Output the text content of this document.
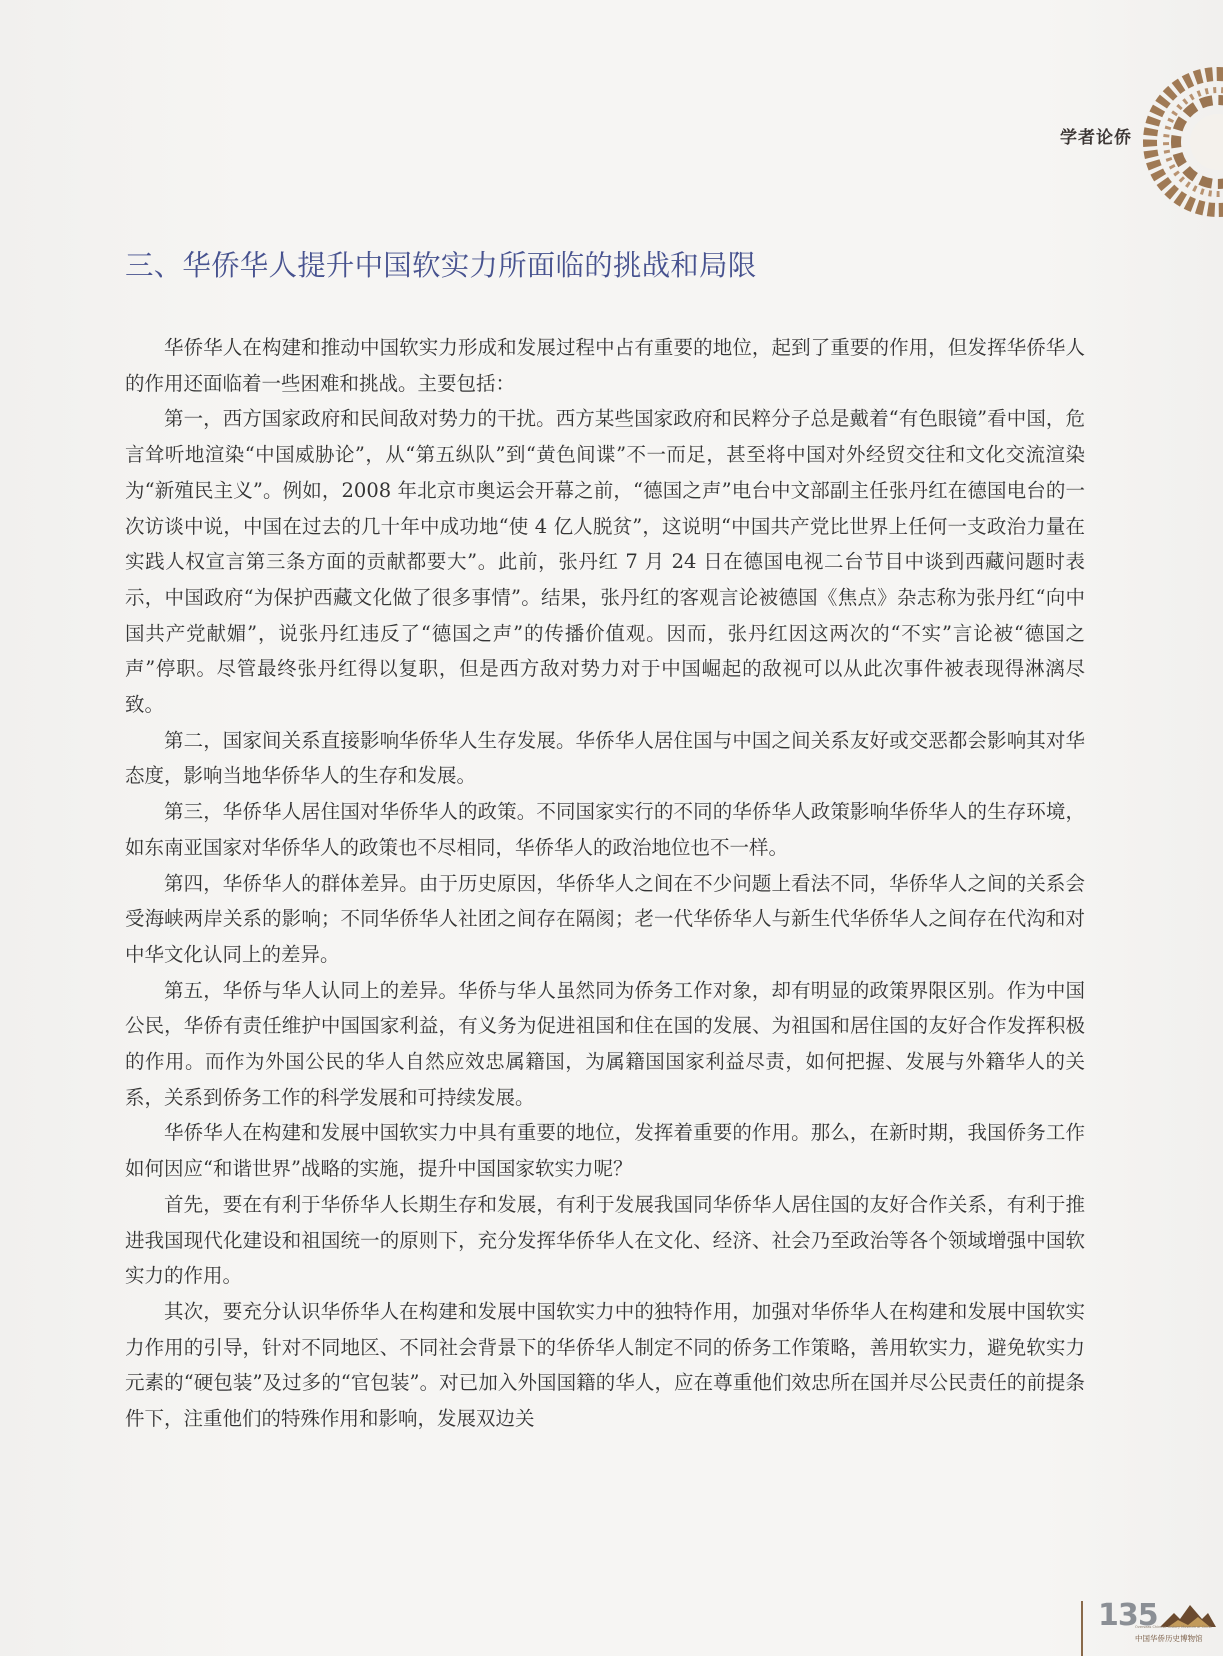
学者论侨
三、华侨华人提升中国软实力所面临的挑战和局限

华侨华人在构建和推动中国软实力形成和发展过程中占有重要的地位，起到了重要的作用，但发挥华侨华人的作用还面临着一些困难和挑战。主要包括：

第一，西方国家政府和民间敌对势力的干扰。西方某些国家政府和民粹分子总是戴着“有色眼镜”看中国，危言耸听地渲染“中国威胁论”，从“第五纵队”到“黄色间谍”不一而足，甚至将中国对外经贸交往和文化交流渲染为“新殖民主义”。例如，2008 年北京市奥运会开幕之前，“德国之声”电台中文部副主任张丹红在德国电台的一次访谈中说，中国在过去的几十年中成功地“使 4 亿人脱贫”，这说明“中国共产党比世界上任何一支政治力量在实践人权宣言第三条方面的贡献都要大”。此前，张丹红 7 月 24 日在德国电视二台节目中谈到西藏问题时表示，中国政府“为保护西藏文化做了很多事情”。结果，张丹红的客观言论被德国《焦点》杂志称为张丹红“向中国共产党献媚”，说张丹红违反了“德国之声”的传播价值观。因而，张丹红因这两次的“不实”言论被“德国之声”停职。尽管最终张丹红得以复职，但是西方敌对势力对于中国崛起的敌视可以从此次事件被表现得淋漓尽致。

第二，国家间关系直接影响华侨华人生存发展。华侨华人居住国与中国之间关系友好或交恶都会影响其对华态度，影响当地华侨华人的生存和发展。

第三，华侨华人居住国对华侨华人的政策。不同国家实行的不同的华侨华人政策影响华侨华人的生存环境，如东南亚国家对华侨华人的政策也不尽相同，华侨华人的政治地位也不一样。

第四，华侨华人的群体差异。由于历史原因，华侨华人之间在不少问题上看法不同，华侨华人之间的关系会受海峡两岸关系的影响；不同华侨华人社团之间存在隔阂；老一代华侨华人与新生代华侨华人之间存在代沟和对中华文化认同上的差异。

第五，华侨与华人认同上的差异。华侨与华人虽然同为侨务工作对象，却有明显的政策界限区别。作为中国公民，华侨有责任维护中国国家利益，有义务为促进祖国和住在国的发展、为祖国和居住国的友好合作发挥积极的作用。而作为外国公民的华人自然应效忠属籍国，为属籍国国家利益尽责，如何把握、发展与外籍华人的关系，关系到侨务工作的科学发展和可持续发展。

华侨华人在构建和发展中国软实力中具有重要的地位，发挥着重要的作用。那么，在新时期，我国侨务工作如何因应“和谐世界”战略的实施，提升中国国家软实力呢？

首先，要在有利于华侨华人长期生存和发展，有利于发展我国同华侨华人居住国的友好合作关系，有利于推进我国现代化建设和祖国统一的原则下，充分发挥华侨华人在文化、经济、社会乃至政治等各个领域增强中国软实力的作用。

其次，要充分认识华侨华人在构建和发展中国软实力中的独特作用，加强对华侨华人在构建和发展中国软实力作用的引导，针对不同地区、不同社会背景下的华侨华人制定不同的侨务工作策略，善用软实力，避免软实力元素的“硬包装”及过多的“官包装”。对已加入外国国籍的华人，应在尊重他们效忠所在国并尽公民责任的前提条件下，注重他们的特殊作用和影响，发展双边关

135
Overseas Chinese History Museum of China
中国华侨历史博物馆
